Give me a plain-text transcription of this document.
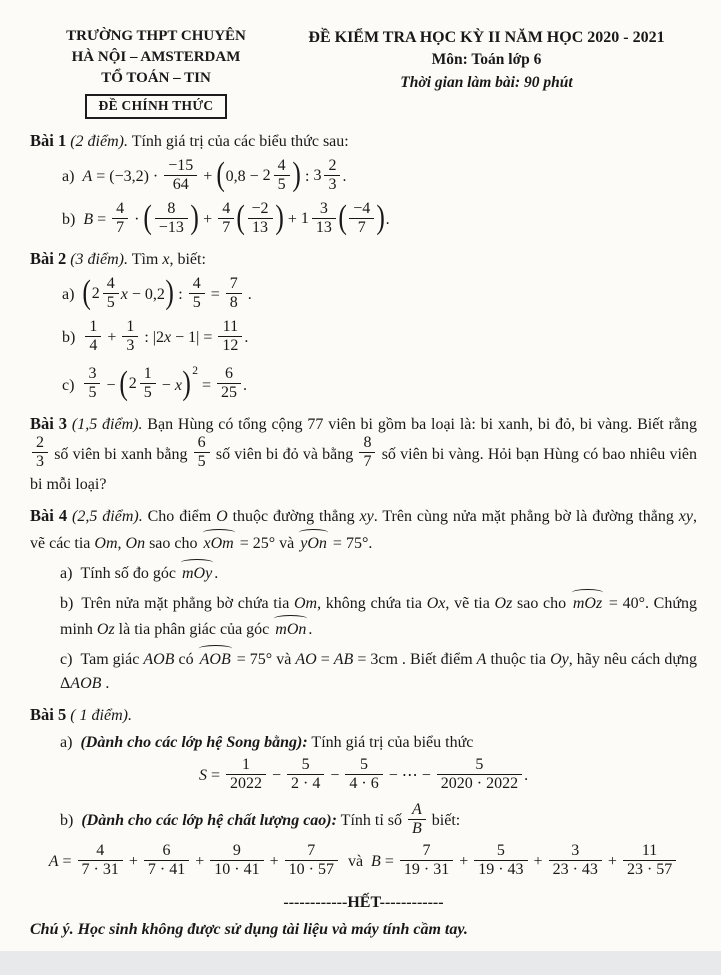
TRƯỜNG THPT CHUYÊN
HÀ NỘI – AMSTERDAM
TỔ TOÁN – TIN
ĐỀ CHÍNH THỨC
ĐỀ KIỂM TRA HỌC KỲ II NĂM HỌC 2020 - 2021
Môn: Toán lớp 6
Thời gian làm bài: 90 phút

Bài 1 (2 điểm). Tính giá trị của các biểu thức sau:

a) $A = (-3,2) \cdot \frac{-15}{64} + (0,8 - 2 \frac{4}{5}$ ) : $3 \frac{2}{3}$ .

b) $B = \frac{4}{7}$ · ( $\frac{8}{-13}$ ) + $\frac{4}{7}$ ( $\frac{-2}{13}$ ) + $1 \frac{3}{13}$ ( $\frac{-4}{7}$ ).

Bài 2 (3 điểm). Tìm x, biết:

a) ($2 \frac{4}{5}$ x − 0,2) : $\frac{4}{5} = \frac{7}{8}$ .

$b) \frac{1}{4} + \frac{1}{3}$ : $|2x - 1| = \frac{11}{12}$ .

$c) \frac{3}{5} - (2 \frac{1}{5} - x)2 = \frac{6}{25}$ .

Bài 3 (1,5 điểm). Bạn Hùng có tổng cộng 77 viên bi gồm ba loại là: bi xanh, bi đỏ, bi vàng. Biết rằng
$\frac{2}{3}$ số viên bi xanh bằng $\frac{6}{5}$ số viên bi đỏ và bằng $\frac{8}{7}$ số viên bi vàng. Hỏi bạn Hùng có bao nhiêu viên bi mỗi loại?

Bài 4 (2,5 điểm). Cho điểm O thuộc đường thẳng xy. Trên cùng nửa mặt phẳng bờ là đường thẳng xy, vẽ các tia Om, On sao cho xOm = 25° và yOn = 75°.

a) Tính số đo góc mOy .

b) Trên nửa mặt phẳng bờ chứa tia Om, không chứa tia Ox, vẽ tia Oz sao cho mOz = 40°. Chứng minh Oz là tia phân giác của góc mOn .

c) Tam giác AOB có AOB = 75° và AO = AB = 3cm . Biết điểm A thuộc tia Oy, hãy nêu cách dựng ΔAOB .

Bài 5 ( 1 điểm).

a) (Dành cho các lớp hệ Song bằng): Tính giá trị của biểu thức

$S = \frac{1}{2022} - \frac{5}{2 \cdot 4} - \frac{5}{4 \cdot 6}$ − ⋯ − $\frac{5}{2020 \cdot 2022}$ .

b) (Dành cho các lớp hệ chất lượng cao): Tính tỉ số $\frac{A}{B}$ biết:

$A = \frac{4}{7 \cdot 31} + \frac{6}{7 \cdot 41} + \frac{9}{10 \cdot 41} + \frac{7}{10 \cdot 57}$ và  $B = \frac{7}{19 \cdot 31} + \frac{5}{19 \cdot 43} + \frac{3}{23 \cdot 43} + \frac{11}{23 \cdot 57}$

------------HẾT------------

Chú ý. Học sinh không được sử dụng tài liệu và máy tính cầm tay.
